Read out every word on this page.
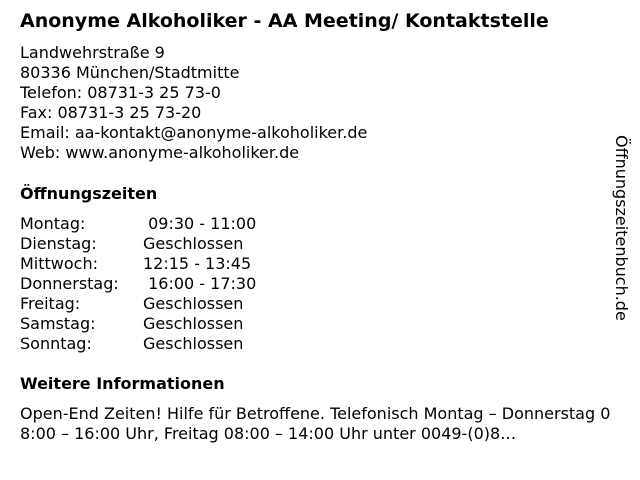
Anonyme Alkoholiker - AA Meeting/ Kontaktstelle
Landwehrstraße 9
80336 München/Stadtmitte
Telefon: 08731-3 25 73-0
Fax: 08731-3 25 73-20
Email: aa-kontakt@anonyme-alkoholiker.de
Web: www.anonyme-alkoholiker.de
Öffnungszeiten
Montag:	09:30 - 11:00
Dienstag:	Geschlossen
Mittwoch:	12:15 - 13:45
Donnerstag:	16:00 - 17:30
Freitag:	Geschlossen
Samstag:	Geschlossen
Sonntag:	Geschlossen
Weitere Informationen
Open-End Zeiten! Hilfe für Betroffene. Telefonisch Montag – Donnerstag 08:00 – 16:00 Uhr, Freitag 08:00 – 14:00 Uhr unter 0049-(0)8…
Öffnungszeitenbuch.de
